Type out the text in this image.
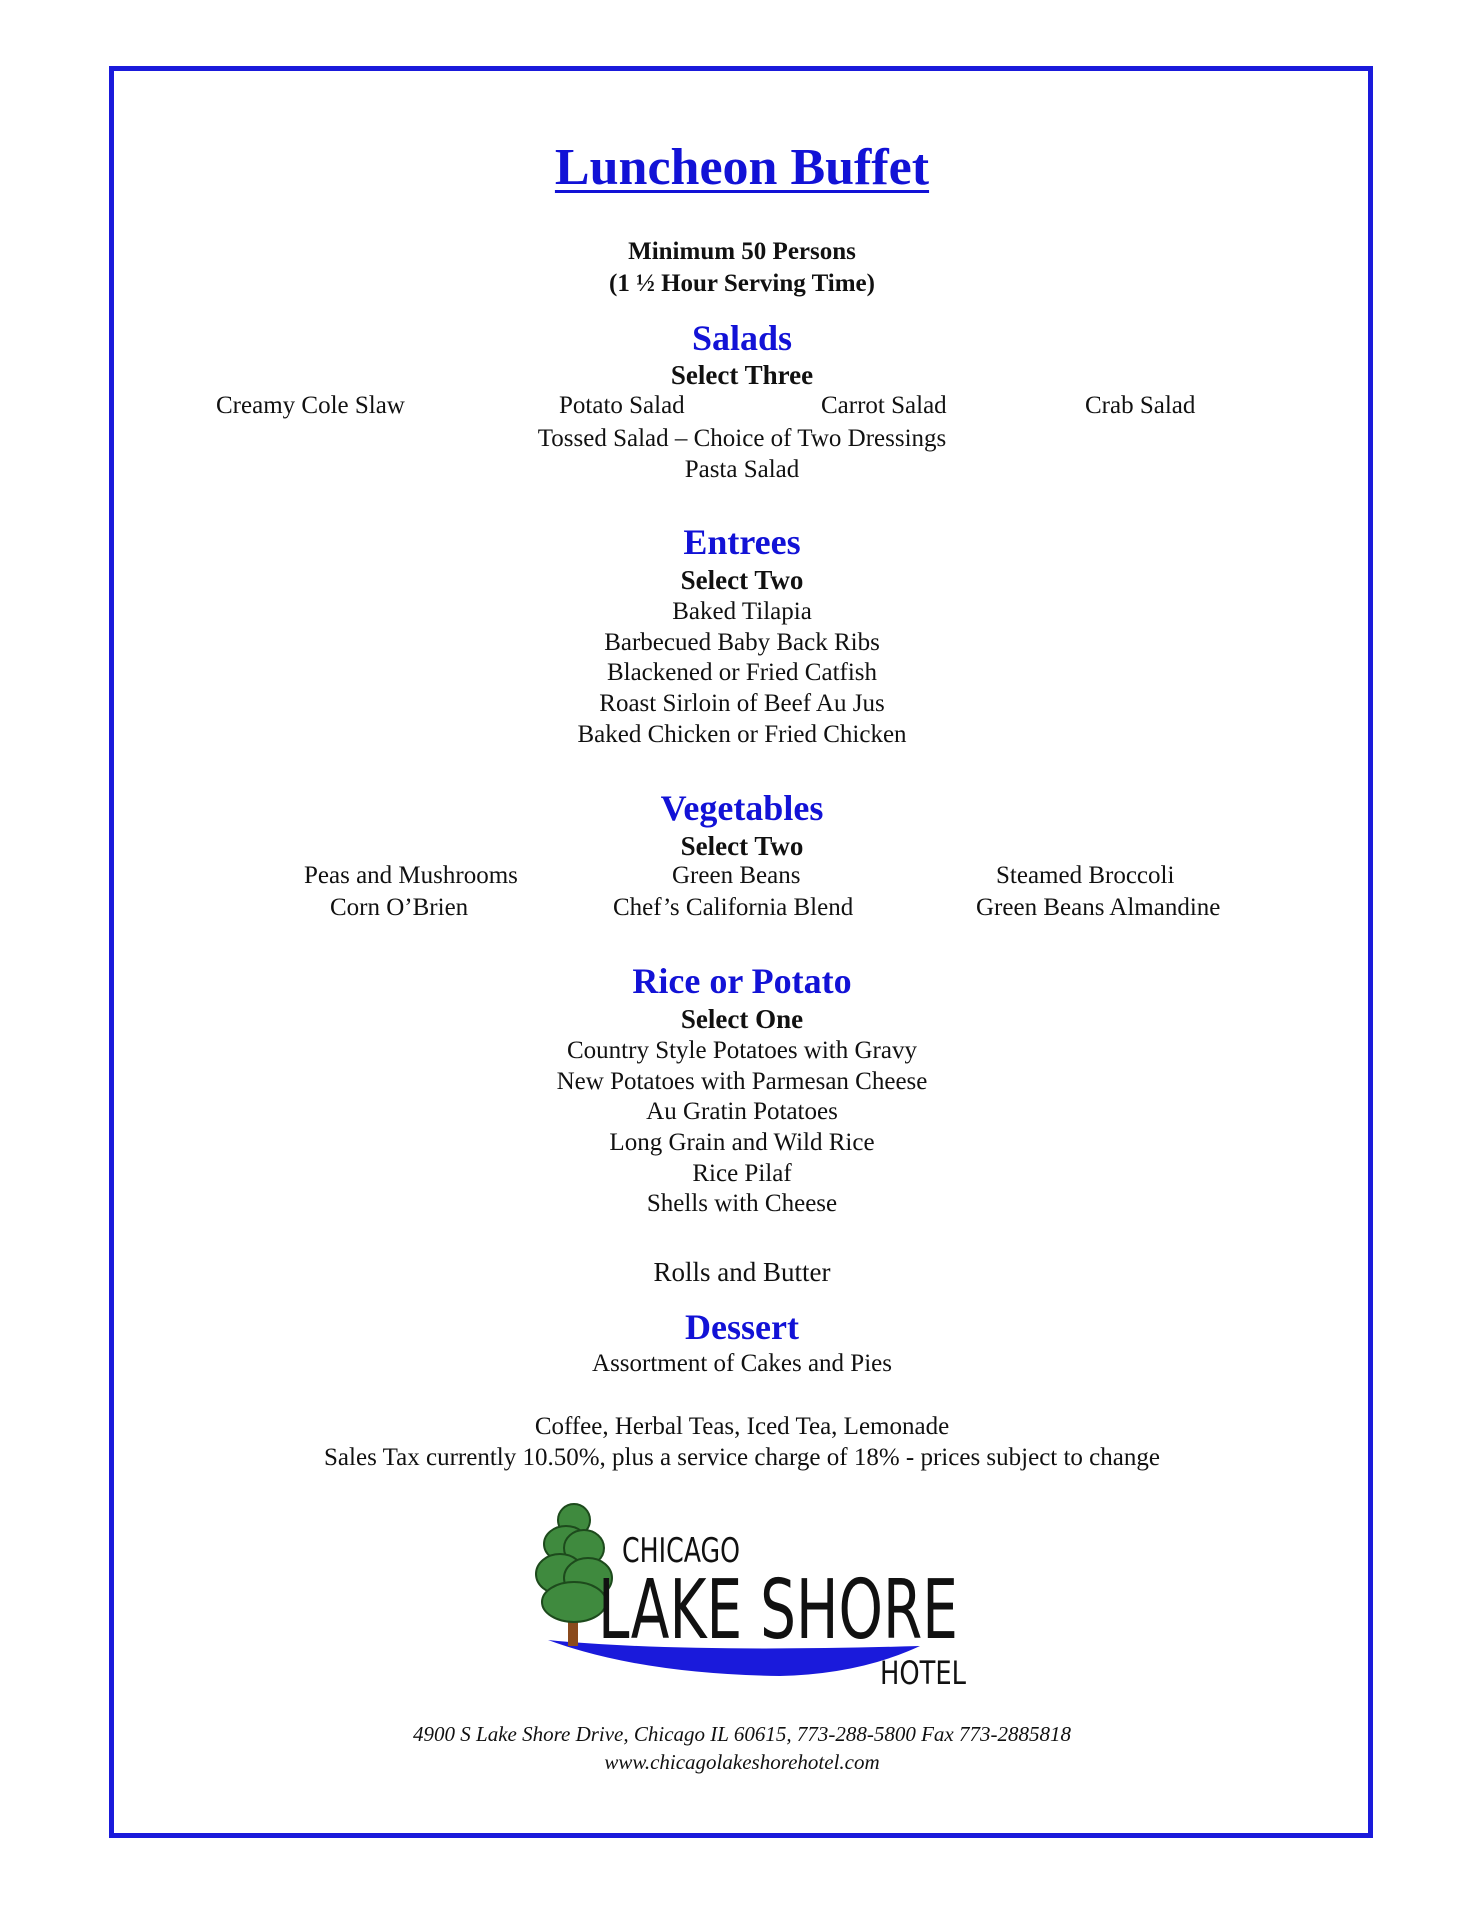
Luncheon Buffet
Minimum 50 Persons
(1 ½ Hour Serving Time)
Salads
Select Three
Creamy Cole Slaw	Potato Salad	Carrot Salad	Crab Salad
Tossed Salad – Choice of Two Dressings
Pasta Salad
Entrees
Select Two
Baked Tilapia
Barbecued Baby Back Ribs
Blackened or Fried Catfish
Roast Sirloin of Beef Au Jus
Baked Chicken or Fried Chicken
Vegetables
Select Two
Peas and Mushrooms	Green Beans	Steamed Broccoli
Corn O’Brien	Chef’s California Blend	Green Beans Almandine
Rice or Potato
Select One
Country Style Potatoes with Gravy
New Potatoes with Parmesan Cheese
Au Gratin Potatoes
Long Grain and Wild Rice
Rice Pilaf
Shells with Cheese
Rolls and Butter
Dessert
Assortment of Cakes and Pies
Coffee, Herbal Teas, Iced Tea, Lemonade
Sales Tax currently 10.50%, plus a service charge of 18% - prices subject to change
CHICAGO
LAKE SHORE
HOTEL
4900 S Lake Shore Drive, Chicago IL 60615, 773-288-5800 Fax 773-2885818
www.chicagolakeshorehotel.com
